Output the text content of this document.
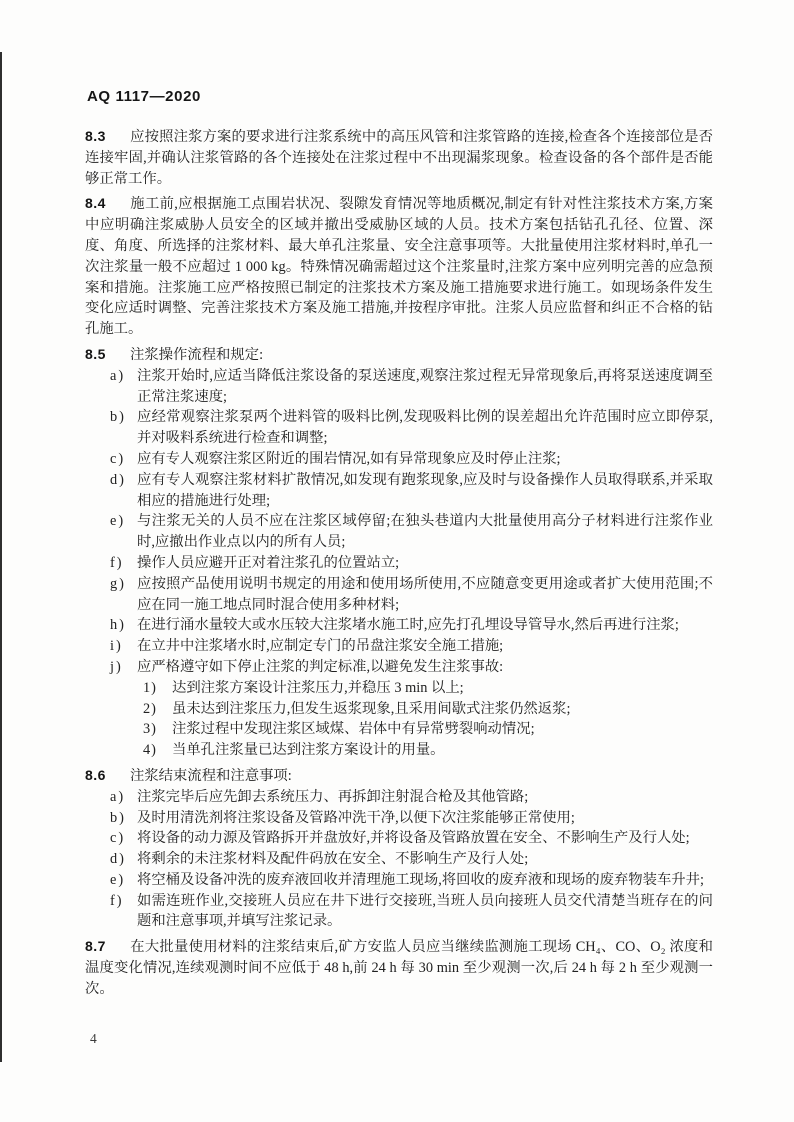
AQ 1117—2020

8.3 应按照注浆方案的要求进行注浆系统中的高压风管和注浆管路的连接,检查各个连接部位是否连接牢固,并确认注浆管路的各个连接处在注浆过程中不出现漏浆现象。检查设备的各个部件是否能够正常工作。

8.4 施工前,应根据施工点围岩状况、裂隙发育情况等地质概况,制定有针对性注浆技术方案,方案中应明确注浆威胁人员安全的区域并撤出受威胁区域的人员。技术方案包括钻孔孔径、位置、深度、角度、所选择的注浆材料、最大单孔注浆量、安全注意事项等。大批量使用注浆材料时,单孔一次注浆量一般不应超过 1 000 kg。特殊情况确需超过这个注浆量时,注浆方案中应列明完善的应急预案和措施。注浆施工应严格按照已制定的注浆技术方案及施工措施要求进行施工。如现场条件发生变化应适时调整、完善注浆技术方案及施工措施,并按程序审批。注浆人员应监督和纠正不合格的钻孔施工。

8.5 注浆操作流程和规定:

a) 注浆开始时,应适当降低注浆设备的泵送速度,观察注浆过程无异常现象后,再将泵送速度调至正常注浆速度;
b) 应经常观察注浆泵两个进料管的吸料比例,发现吸料比例的误差超出允许范围时应立即停泵,并对吸料系统进行检查和调整;
c) 应有专人观察注浆区附近的围岩情况,如有异常现象应及时停止注浆;
d) 应有专人观察注浆材料扩散情况,如发现有跑浆现象,应及时与设备操作人员取得联系,并采取相应的措施进行处理;
e) 与注浆无关的人员不应在注浆区域停留;在独头巷道内大批量使用高分子材料进行注浆作业时,应撤出作业点以内的所有人员;
f) 操作人员应避开正对着注浆孔的位置站立;
g) 应按照产品使用说明书规定的用途和使用场所使用,不应随意变更用途或者扩大使用范围;不应在同一施工地点同时混合使用多种材料;
h) 在进行涌水量较大或水压较大注浆堵水施工时,应先打孔埋设导管导水,然后再进行注浆;
i) 在立井中注浆堵水时,应制定专门的吊盘注浆安全施工措施;
j) 应严格遵守如下停止注浆的判定标准,以避免发生注浆事故:
1) 达到注浆方案设计注浆压力,并稳压 3 min 以上;
2) 虽未达到注浆压力,但发生返浆现象,且采用间歇式注浆仍然返浆;
3) 注浆过程中发现注浆区域煤、岩体中有异常劈裂响动情况;
4) 当单孔注浆量已达到注浆方案设计的用量。

8.6 注浆结束流程和注意事项:

a) 注浆完毕后应先卸去系统压力、再拆卸注射混合枪及其他管路;
b) 及时用清洗剂将注浆设备及管路冲洗干净,以便下次注浆能够正常使用;
c) 将设备的动力源及管路拆开并盘放好,并将设备及管路放置在安全、不影响生产及行人处;
d) 将剩余的未注浆材料及配件码放在安全、不影响生产及行人处;
e) 将空桶及设备冲洗的废弃液回收并清理施工现场,将回收的废弃液和现场的废弃物装车升井;
f) 如需连班作业,交接班人员应在井下进行交接班,当班人员向接班人员交代清楚当班存在的问题和注意事项,并填写注浆记录。

8.7 在大批量使用材料的注浆结束后,矿方安监人员应当继续监测施工现场 CH₄、CO、O₂ 浓度和温度变化情况,连续观测时间不应低于 48 h,前 24 h 每 30 min 至少观测一次,后 24 h 每 2 h 至少观测一次。

4
